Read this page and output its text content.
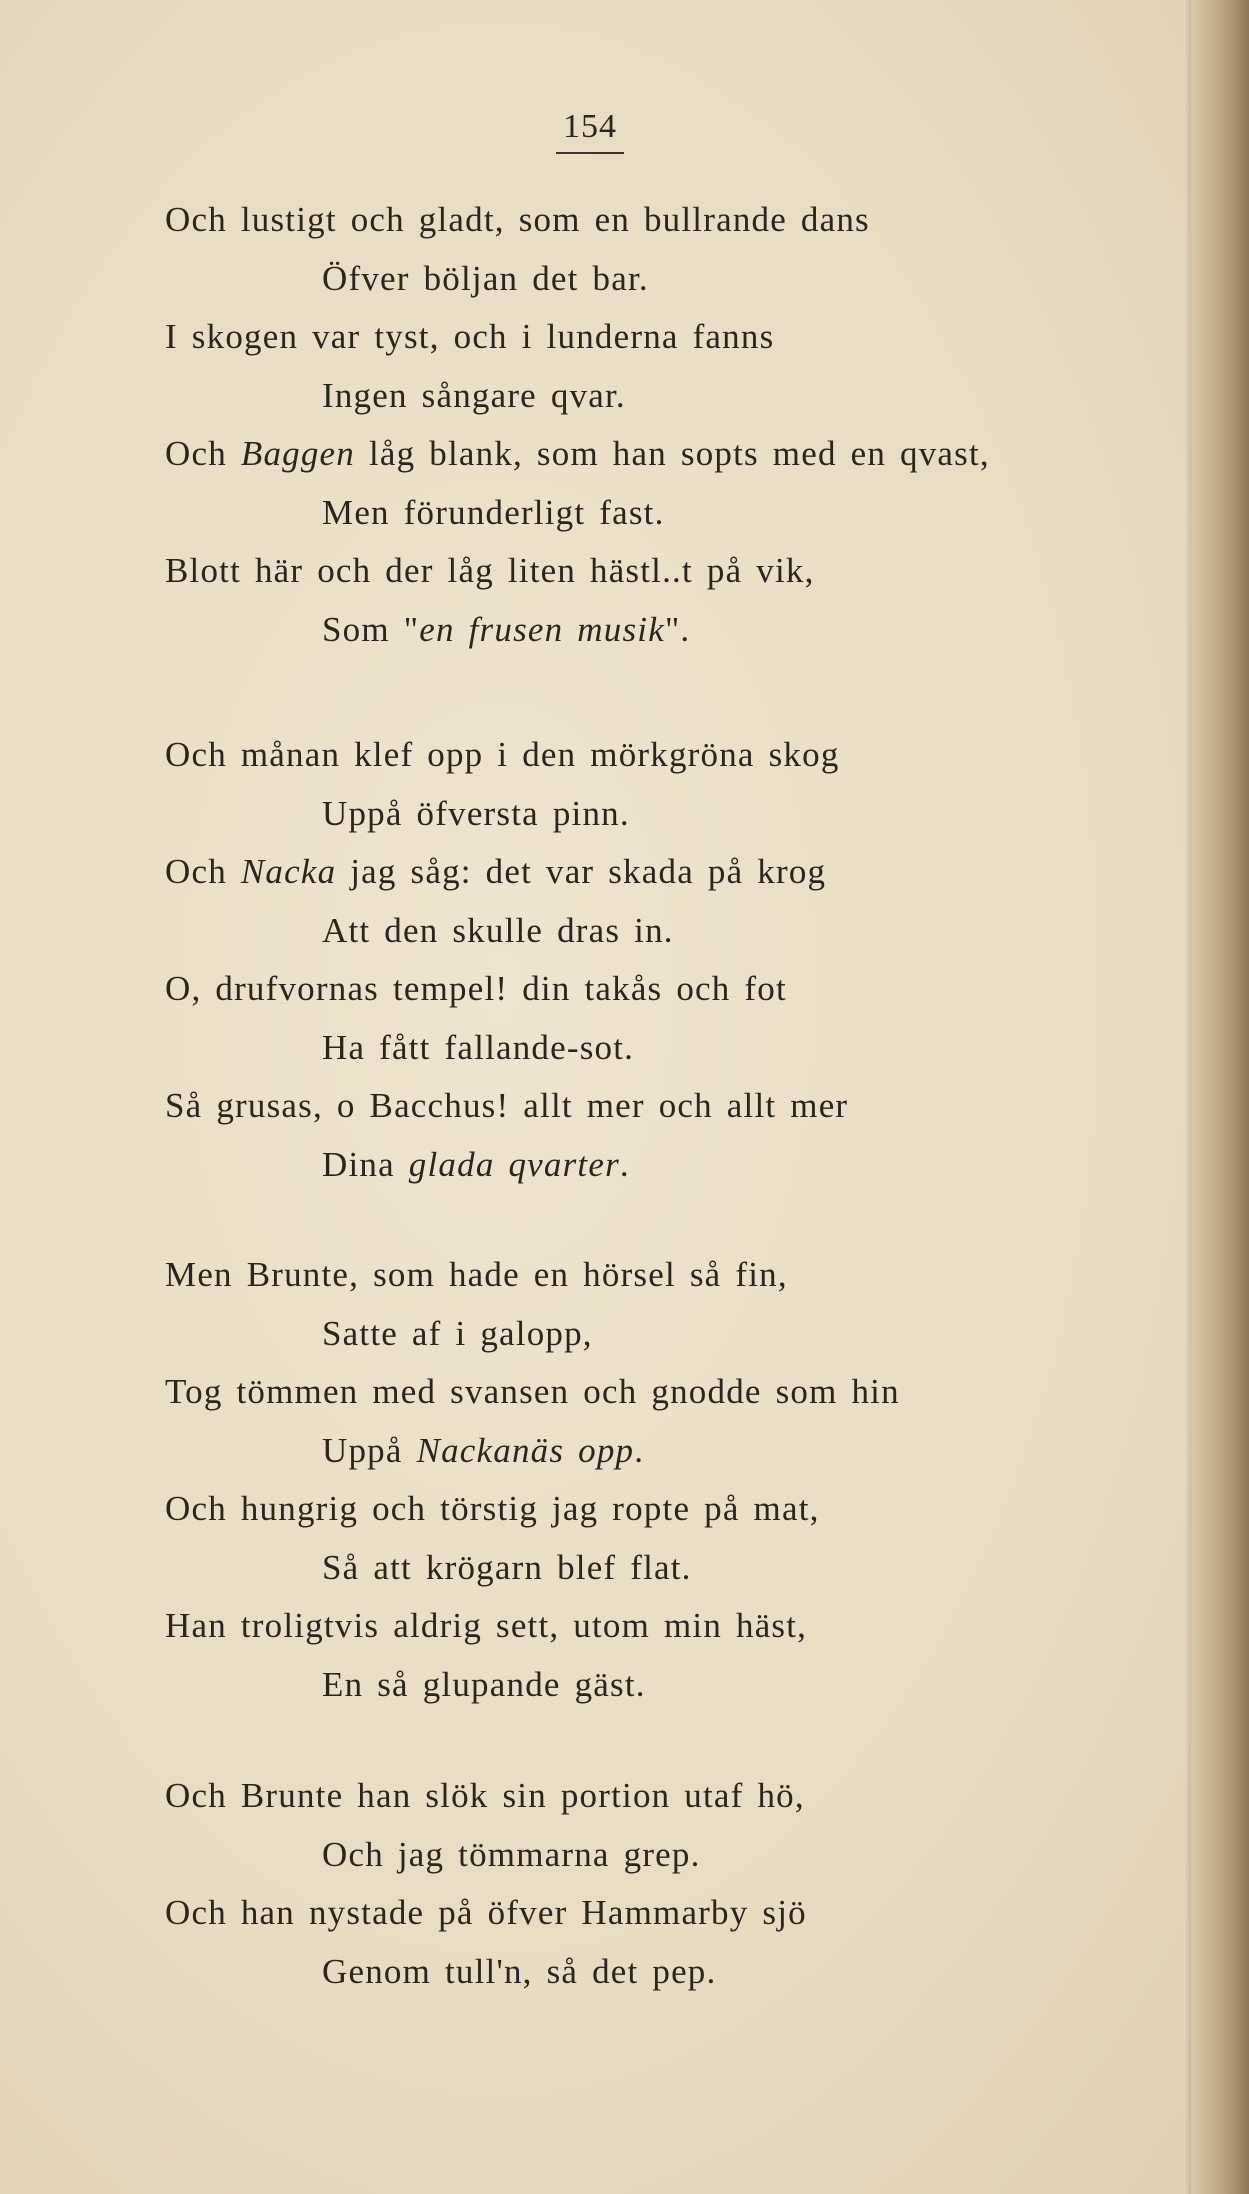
154
Och lustigt och gladt, som en bullrande dans
Öfver böljan det bar.
I skogen var tyst, och i lunderna fanns
Ingen sångare qvar.
Och Baggen låg blank, som han sopts med en qvast,
Men förunderligt fast.
Blott här och der låg liten hästl..t på vik,
Som "en frusen musik".
Och månan klef opp i den mörkgröna skog
Uppå öfversta pinn.
Och Nacka jag såg: det var skada på krog
Att den skulle dras in.
O, drufvornas tempel! din takås och fot
Ha fått fallande-sot.
Så grusas, o Bacchus! allt mer och allt mer
Dina glada qvarter.
Men Brunte, som hade en hörsel så fin,
Satte af i galopp,
Tog tömmen med svansen och gnodde som hin
Uppå Nackanäs opp.
Och hungrig och törstig jag ropte på mat,
Så att krögarn blef flat.
Han troligtvis aldrig sett, utom min häst,
En så glupande gäst.
Och Brunte han slök sin portion utaf hö,
Och jag tömmarna grep.
Och han nystade på öfver Hammarby sjö
Genom tull'n, så det pep.
